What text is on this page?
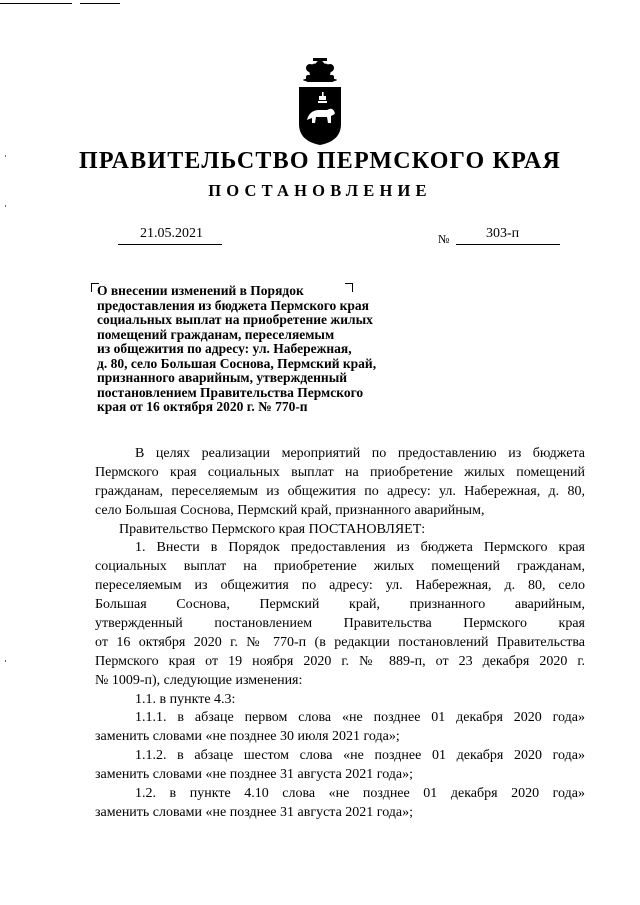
ПРАВИТЕЛЬСТВО ПЕРМСКОГО КРАЯ
ПОСТАНОВЛЕНИЕ
21.05.2021	№	303-п
О внесении изменений в Порядок
предоставления из бюджета Пермского края
социальных выплат на приобретение жилых
помещений гражданам, переселяемым
из общежития по адресу: ул. Набережная,
д. 80, село Большая Соснова, Пермский край,
признанного аварийным, утвержденный
постановлением Правительства Пермского
края от 16 октября 2020 г. № 770-п
В целях реализации мероприятий по предоставлению из бюджета
Пермского края социальных выплат на приобретение жилых помещений
гражданам, переселяемым из общежития по адресу: ул. Набережная, д. 80,
село Большая Соснова, Пермский край, признанного аварийным,
Правительство Пермского края ПОСТАНОВЛЯЕТ:
1. Внести в Порядок предоставления из бюджета Пермского края
социальных выплат на приобретение жилых помещений гражданам,
переселяемым из общежития по адресу: ул. Набережная, д. 80, село
Большая Соснова, Пермский край, признанного аварийным,
утвержденный постановлением Правительства Пермского края
от 16 октября 2020 г. № 770-п (в редакции постановлений Правительства
Пермского края от 19 ноября 2020 г. № 889-п, от 23 декабря 2020 г.
№ 1009-п), следующие изменения:
1.1. в пункте 4.3:
1.1.1. в абзаце первом слова «не позднее 01 декабря 2020 года»
заменить словами «не позднее 30 июля 2021 года»;
1.1.2. в абзаце шестом слова «не позднее 01 декабря 2020 года»
заменить словами «не позднее 31 августа 2021 года»;
1.2. в пункте 4.10 слова «не позднее 01 декабря 2020 года»
заменить словами «не позднее 31 августа 2021 года»;
